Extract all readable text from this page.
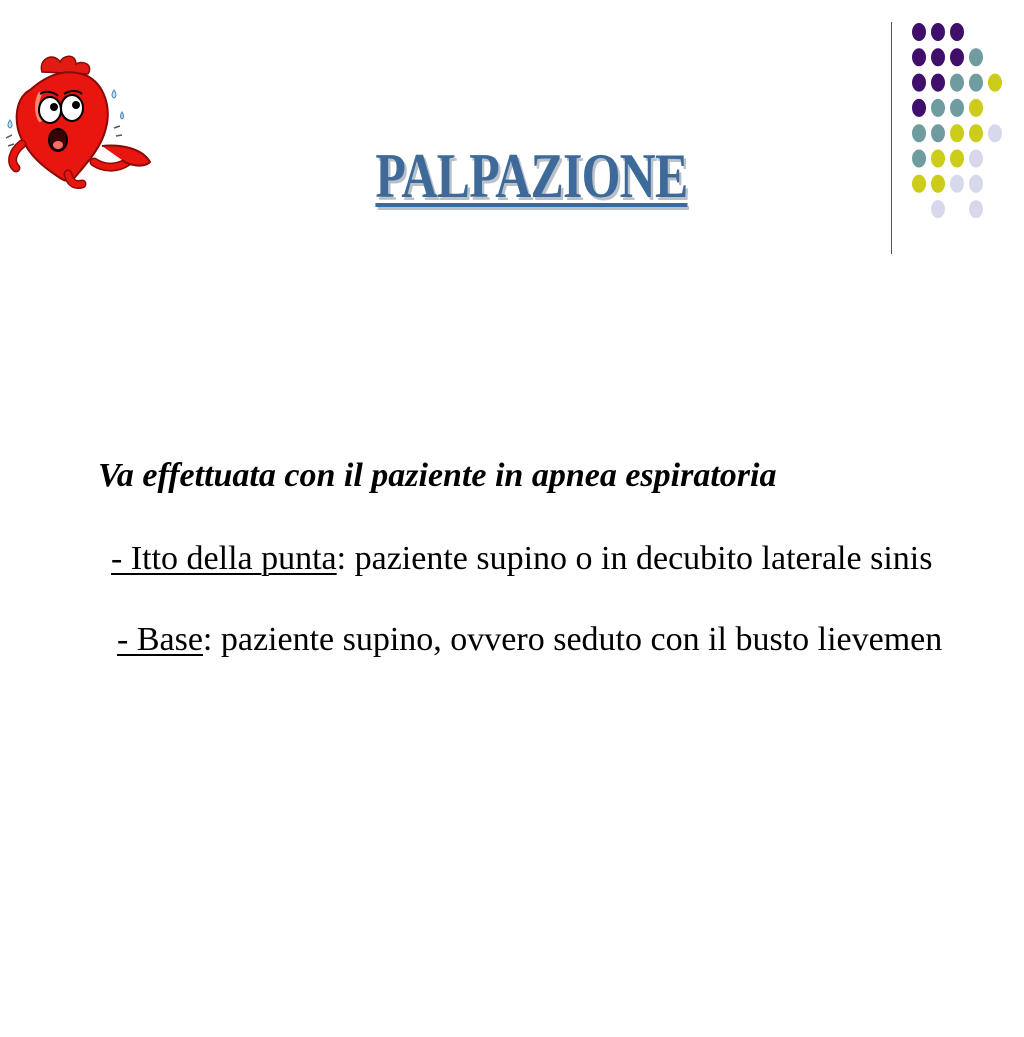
PALPAZIONE

Va effettuata con il paziente in apnea espiratoria

- Itto della punta: paziente supino o in decubito laterale sinis

- Base: paziente supino, ovvero seduto con il busto lievemen
